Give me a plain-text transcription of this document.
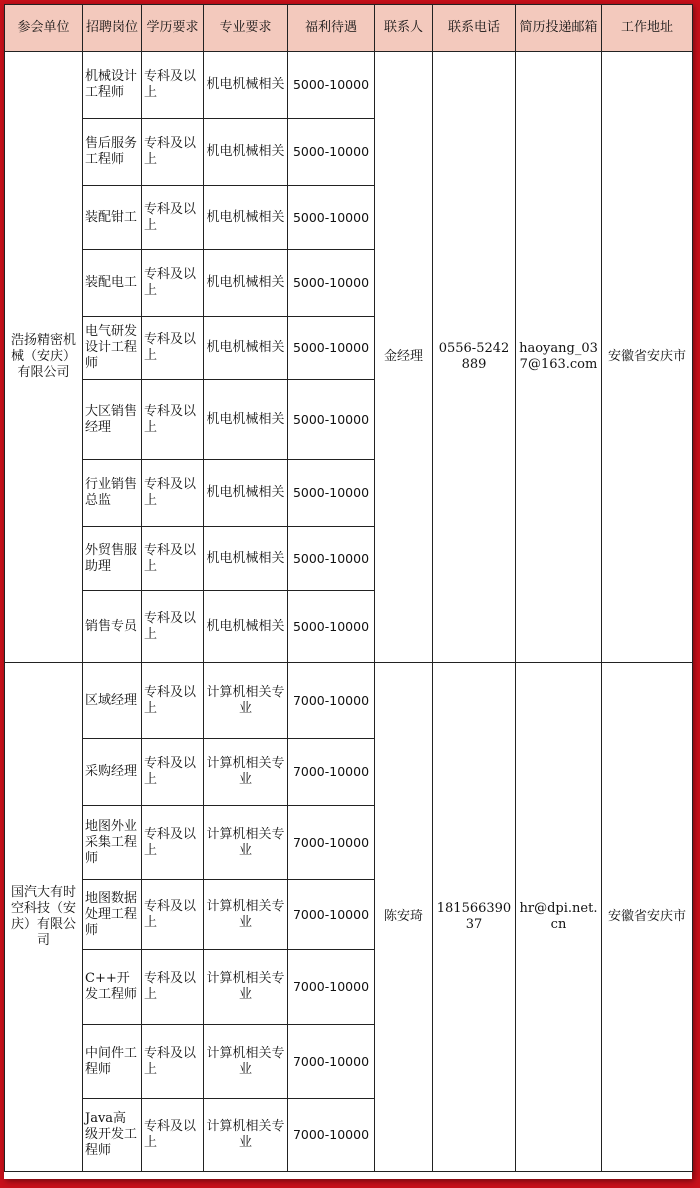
参会单位	招聘岗位	学历要求	专业要求	福利待遇	联系人	联系电话	简历投递邮箱	工作地址
浩扬精密机械（安庆）有限公司	机械设计工程师	专科及以上	机电机械相关	5000-10000	金经理	0556-5242889	haoyang_037@163.com	安徽省安庆市
	售后服务工程师	专科及以上	机电机械相关	5000-10000				
	装配钳工	专科及以上	机电机械相关	5000-10000				
	装配电工	专科及以上	机电机械相关	5000-10000				
	电气研发设计工程师	专科及以上	机电机械相关	5000-10000				
	大区销售经理	专科及以上	机电机械相关	5000-10000				
	行业销售总监	专科及以上	机电机械相关	5000-10000				
	外贸售服助理	专科及以上	机电机械相关	5000-10000				
	销售专员	专科及以上	机电机械相关	5000-10000				
国汽大有时空科技（安庆）有限公司	区域经理	专科及以上	计算机相关专业	7000-10000	陈安琦	18156639037	hr@dpi.net.cn	安徽省安庆市
	采购经理	专科及以上	计算机相关专业	7000-10000				
	地图外业采集工程师	专科及以上	计算机相关专业	7000-10000				
	地图数据处理工程师	专科及以上	计算机相关专业	7000-10000				
	C++开发工程师	专科及以上	计算机相关专业	7000-10000				
	中间件工程师	专科及以上	计算机相关专业	7000-10000				
	Java高级开发工程师	专科及以上	计算机相关专业	7000-10000				
